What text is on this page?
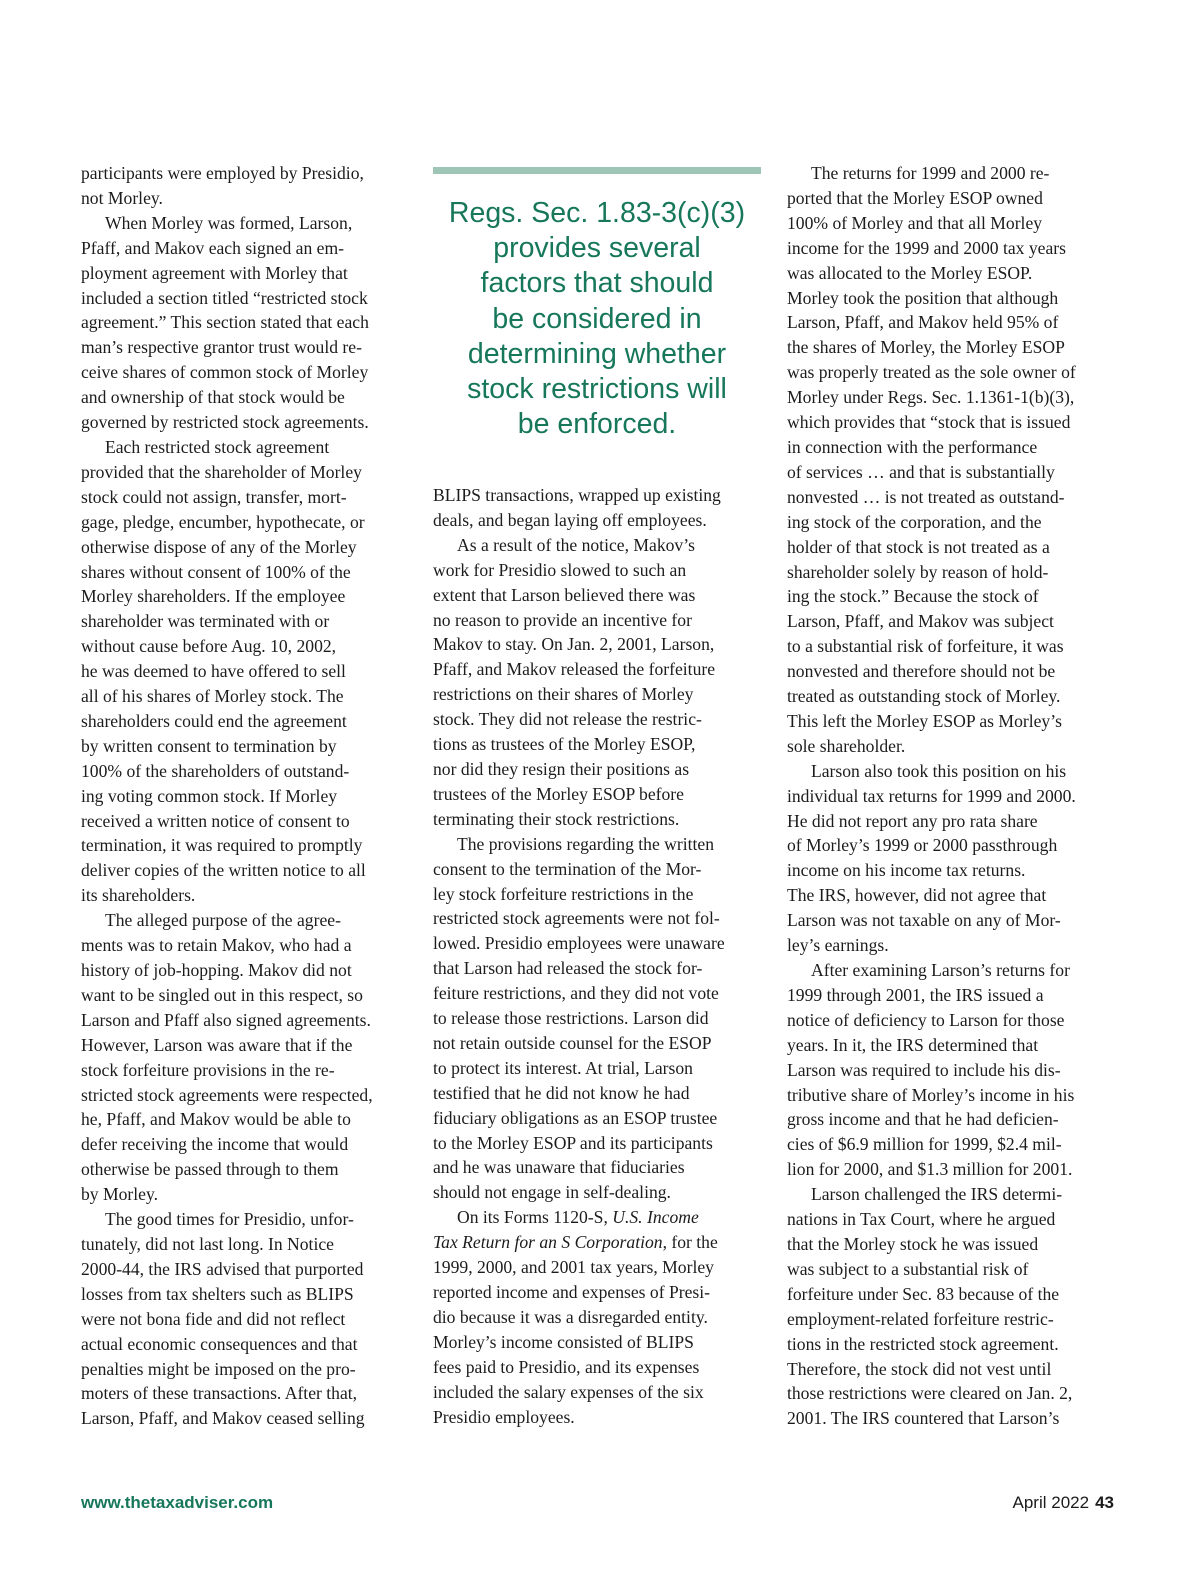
Regs. Sec. 1.83-3(c)(3)
provides several
factors that should
be considered in
determining whether
stock restrictions will
be enforced.

participants were employed by Presidio,
not Morley.

When Morley was formed, Larson,
Pfaff, and Makov each signed an em-
ployment agreement with Morley that
included a section titled “restricted stock
agreement.” This section stated that each
man’s respective grantor trust would re-
ceive shares of common stock of Morley
and ownership of that stock would be
governed by restricted stock agreements.

Each restricted stock agreement
provided that the shareholder of Morley
stock could not assign, transfer, mort-
gage, pledge, encumber, hypothecate, or
otherwise dispose of any of the Morley
shares without consent of 100% of the
Morley shareholders. If the employee
shareholder was terminated with or
without cause before Aug. 10, 2002,
he was deemed to have offered to sell
all of his shares of Morley stock. The
shareholders could end the agreement
by written consent to termination by
100% of the shareholders of outstand-
ing voting common stock. If Morley
received a written notice of consent to
termination, it was required to promptly
deliver copies of the written notice to all
its shareholders.

The alleged purpose of the agree-
ments was to retain Makov, who had a
history of job-hopping. Makov did not
want to be singled out in this respect, so
Larson and Pfaff also signed agreements.
However, Larson was aware that if the
stock forfeiture provisions in the re-
stricted stock agreements were respected,
he, Pfaff, and Makov would be able to
defer receiving the income that would
otherwise be passed through to them
by Morley.

The good times for Presidio, unfor-
tunately, did not last long. In Notice
2000-44, the IRS advised that purported
losses from tax shelters such as BLIPS
were not bona fide and did not reflect
actual economic consequences and that
penalties might be imposed on the pro-
moters of these transactions. After that,
Larson, Pfaff, and Makov ceased selling

BLIPS transactions, wrapped up existing
deals, and began laying off employees.

As a result of the notice, Makov’s
work for Presidio slowed to such an
extent that Larson believed there was
no reason to provide an incentive for
Makov to stay. On Jan. 2, 2001, Larson,
Pfaff, and Makov released the forfeiture
restrictions on their shares of Morley
stock. They did not release the restric-
tions as trustees of the Morley ESOP,
nor did they resign their positions as
trustees of the Morley ESOP before
terminating their stock restrictions.

The provisions regarding the written
consent to the termination of the Mor-
ley stock forfeiture restrictions in the
restricted stock agreements were not fol-
lowed. Presidio employees were unaware
that Larson had released the stock for-
feiture restrictions, and they did not vote
to release those restrictions. Larson did
not retain outside counsel for the ESOP
to protect its interest. At trial, Larson
testified that he did not know he had
fiduciary obligations as an ESOP trustee
to the Morley ESOP and its participants
and he was unaware that fiduciaries
should not engage in self-dealing.

On its Forms 1120-S, U.S. Income
Tax Return for an S Corporation, for the
1999, 2000, and 2001 tax years, Morley
reported income and expenses of Presi-
dio because it was a disregarded entity.
Morley’s income consisted of BLIPS
fees paid to Presidio, and its expenses
included the salary expenses of the six
Presidio employees.

The returns for 1999 and 2000 re-
ported that the Morley ESOP owned
100% of Morley and that all Morley
income for the 1999 and 2000 tax years
was allocated to the Morley ESOP.
Morley took the position that although
Larson, Pfaff, and Makov held 95% of
the shares of Morley, the Morley ESOP
was properly treated as the sole owner of
Morley under Regs. Sec. 1.1361-1(b)(3),
which provides that “stock that is issued
in connection with the performance
of services … and that is substantially
nonvested … is not treated as outstand-
ing stock of the corporation, and the
holder of that stock is not treated as a
shareholder solely by reason of hold-
ing the stock.” Because the stock of
Larson, Pfaff, and Makov was subject
to a substantial risk of forfeiture, it was
nonvested and therefore should not be
treated as outstanding stock of Morley.
This left the Morley ESOP as Morley’s
sole shareholder.

Larson also took this position on his
individual tax returns for 1999 and 2000.
He did not report any pro rata share
of Morley’s 1999 or 2000 passthrough
income on his income tax returns.

The IRS, however, did not agree that
Larson was not taxable on any of Mor-
ley’s earnings.

After examining Larson’s returns for
1999 through 2001, the IRS issued a
notice of deficiency to Larson for those
years. In it, the IRS determined that
Larson was required to include his dis-
tributive share of Morley’s income in his
gross income and that he had deficien-
cies of $6.9 million for 1999, $2.4 mil-
lion for 2000, and $1.3 million for 2001.

Larson challenged the IRS determi-
nations in Tax Court, where he argued
that the Morley stock he was issued
was subject to a substantial risk of
forfeiture under Sec. 83 because of the
employment-related forfeiture restric-
tions in the restricted stock agreement.
Therefore, the stock did not vest until
those restrictions were cleared on Jan. 2,
2001. The IRS countered that Larson’s

www.thetaxadviser.com	April 2022 43
